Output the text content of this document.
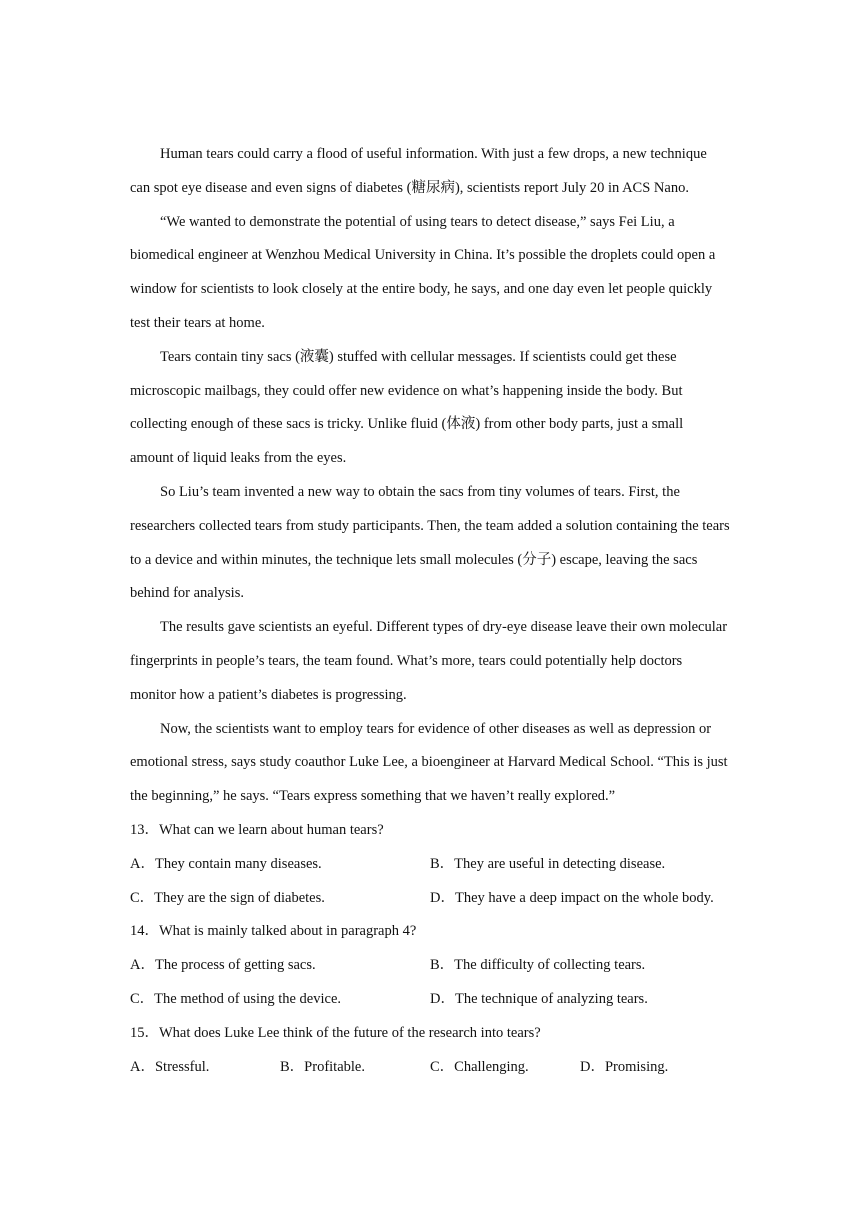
Human tears could carry a flood of useful information. With just a few drops, a new technique can spot eye disease and even signs of diabetes (糖尿病), scientists report July 20 in ACS Nano.

“We wanted to demonstrate the potential of using tears to detect disease,” says Fei Liu, a biomedical engineer at Wenzhou Medical University in China. It’s possible the droplets could open a window for scientists to look closely at the entire body, he says, and one day even let people quickly test their tears at home.

Tears contain tiny sacs (液囊) stuffed with cellular messages. If scientists could get these microscopic mailbags, they could offer new evidence on what’s happening inside the body. But collecting enough of these sacs is tricky. Unlike fluid (体液) from other body parts, just a small amount of liquid leaks from the eyes.

So Liu’s team invented a new way to obtain the sacs from tiny volumes of tears. First, the researchers collected tears from study participants. Then, the team added a solution containing the tears to a device and within minutes, the technique lets small molecules (分子) escape, leaving the sacs behind for analysis.

The results gave scientists an eyeful. Different types of dry-eye disease leave their own molecular fingerprints in people’s tears, the team found. What’s more, tears could potentially help doctors monitor how a patient’s diabetes is progressing.

Now, the scientists want to employ tears for evidence of other diseases as well as depression or emotional stress, says study coauthor Luke Lee, a bioengineer at Harvard Medical School. “This is just the beginning,” he says. “Tears express something that we haven’t really explored.”

13．What can we learn about human tears?

A．They contain many diseases.	B．They are useful in detecting disease.
C．They are the sign of diabetes.	D．They have a deep impact on the whole body.

14．What is mainly talked about in paragraph 4?

A．The process of getting sacs.	B．The difficulty of collecting tears.
C．The method of using the device.	D．The technique of analyzing tears.

15．What does Luke Lee think of the future of the research into tears?

A．Stressful.	B．Profitable.	C．Challenging.	D．Promising.
